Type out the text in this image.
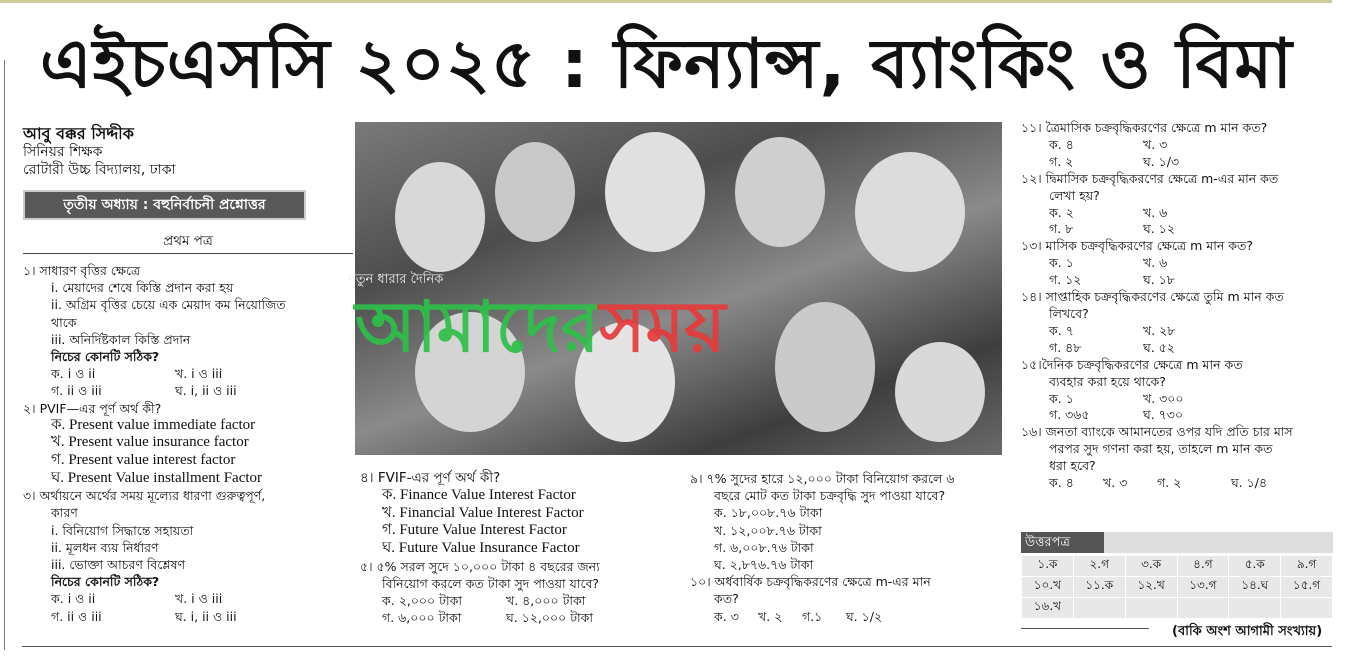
এইচএসসি ২০২৫ : ফিন্যান্স, ব্যাংকিং ও বিমা
আবু বক্কর সিদ্দীক
সিনিয়র শিক্ষক
রোটারী উচ্চ বিদ্যালয়, ঢাকা
তৃতীয় অধ্যায় : বহুনির্বাচনী প্রশ্নোত্তর
প্রথম পত্র
১। সাধারণ বৃত্তির ক্ষেত্রে
i. মেয়াদের শেষে কিস্তি প্রদান করা হয়
ii. অগ্রিম বৃত্তির চেয়ে এক মেয়াদ কম নিয়োজিত
থাকে
iii. অনির্দিষ্টকাল কিস্তি প্রদান
নিচের কোনটি সঠিক?
ক. i ও ii	খ. i ও iii
গ. ii ও iii	ঘ. i, ii ও iii
২। PVIF—এর পূর্ণ অর্থ কী?
ক. Present value immediate factor
খ. Present value insurance factor
গ. Present value interest factor
ঘ. Present Value installment Factor
৩। অর্থায়নে অর্থের সময় মূল্যের ধারণা গুরুত্বপূর্ণ,
কারণ
i. বিনিয়োগ সিদ্ধান্তে সহায়তা
ii. মূলধন ব্যয় নির্ধারণ
iii. ভোক্তা আচরণ বিশ্লেষণ
নিচের কোনটি সঠিক?
ক. i ও ii	খ. i ও iii
গ. ii ও iii	ঘ. i, ii ও iii
নতুন ধারার দৈনিক
আমাদেরসময়
৪। FVIF-এর পূর্ণ অর্থ কী?
ক. Finance Value Interest Factor
খ. Financial Value Interest Factor
গ. Future Value Interest Factor
ঘ. Future Value Insurance Factor
৫। ৫% সরল সুদে ১০,০০০ টাকা ৪ বছরের জন্য
বিনিয়োগ করলে কত টাকা সুদ পাওয়া যাবে?
ক. ২,০০০ টাকা	খ. ৪,০০০ টাকা
গ. ৬,০০০ টাকা	ঘ. ১২,০০০ টাকা
৯। ৭% সুদের হারে ১২,০০০ টাকা বিনিয়োগ করলে ৬
বছরে মোট কত টাকা চক্রবৃদ্ধি সুদ পাওয়া যাবে?
ক. ১৮,০০৮.৭৬ টাকা
খ. ১২,০০৮.৭৬ টাকা
গ. ৬,০০৮.৭৬ টাকা
ঘ. ২,৮৭৬.৭৬ টাকা
১০। অর্ধবার্ষিক চক্রবৃদ্ধিকরণের ক্ষেত্রে m-এর মান
কত?
ক. ৩ খ. ২ গ.১ ঘ. ১/২
১১। ত্রৈমাসিক চক্রবৃদ্ধিকরণের ক্ষেত্রে m মান কত?
ক. ৪	খ. ৩
গ. ২	ঘ. ১/৩
১২। দ্বিমাসিক চক্রবৃদ্ধিকরণের ক্ষেত্রে m-এর মান কত
লেখা হয়?
ক. ২	খ. ৬
গ. ৮	ঘ. ১২
১৩। মাসিক চক্রবৃদ্ধিকরণের ক্ষেত্রে m মান কত?
ক. ১	খ. ৬
গ. ১২	ঘ. ১৮
১৪। সাপ্তাহিক চক্রবৃদ্ধিকরণের ক্ষেত্রে তুমি m মান কত
লিখবে?
ক. ৭	খ. ২৮
গ. ৪৮	ঘ. ৫২
১৫।দৈনিক চক্রবৃদ্ধিকরণের ক্ষেত্রে m মান কত
ব্যবহার করা হয়ে থাকে?
ক. ১	খ. ৩০০
গ. ৩৬৫	ঘ. ৭৩০
১৬। জনতা ব্যাংকে আমানতের ওপর যদি প্রতি চার মাস
পরপর সুদ গণনা করা হয়, তাহলে m মান কত
ধরা হবে?
ক. ৪ খ. ৩ গ. ২	ঘ. ১/৪
উত্তরপত্র
১.ক	২.গ	৩.ক	৪.গ	৫.ক	৯.গ
১০.খ	১১.ক	১২.খ	১৩.গ	১৪.ঘ	১৫.গ
১৬.খ					
(বাকি অংশ আগামী সংখ্যায়)
